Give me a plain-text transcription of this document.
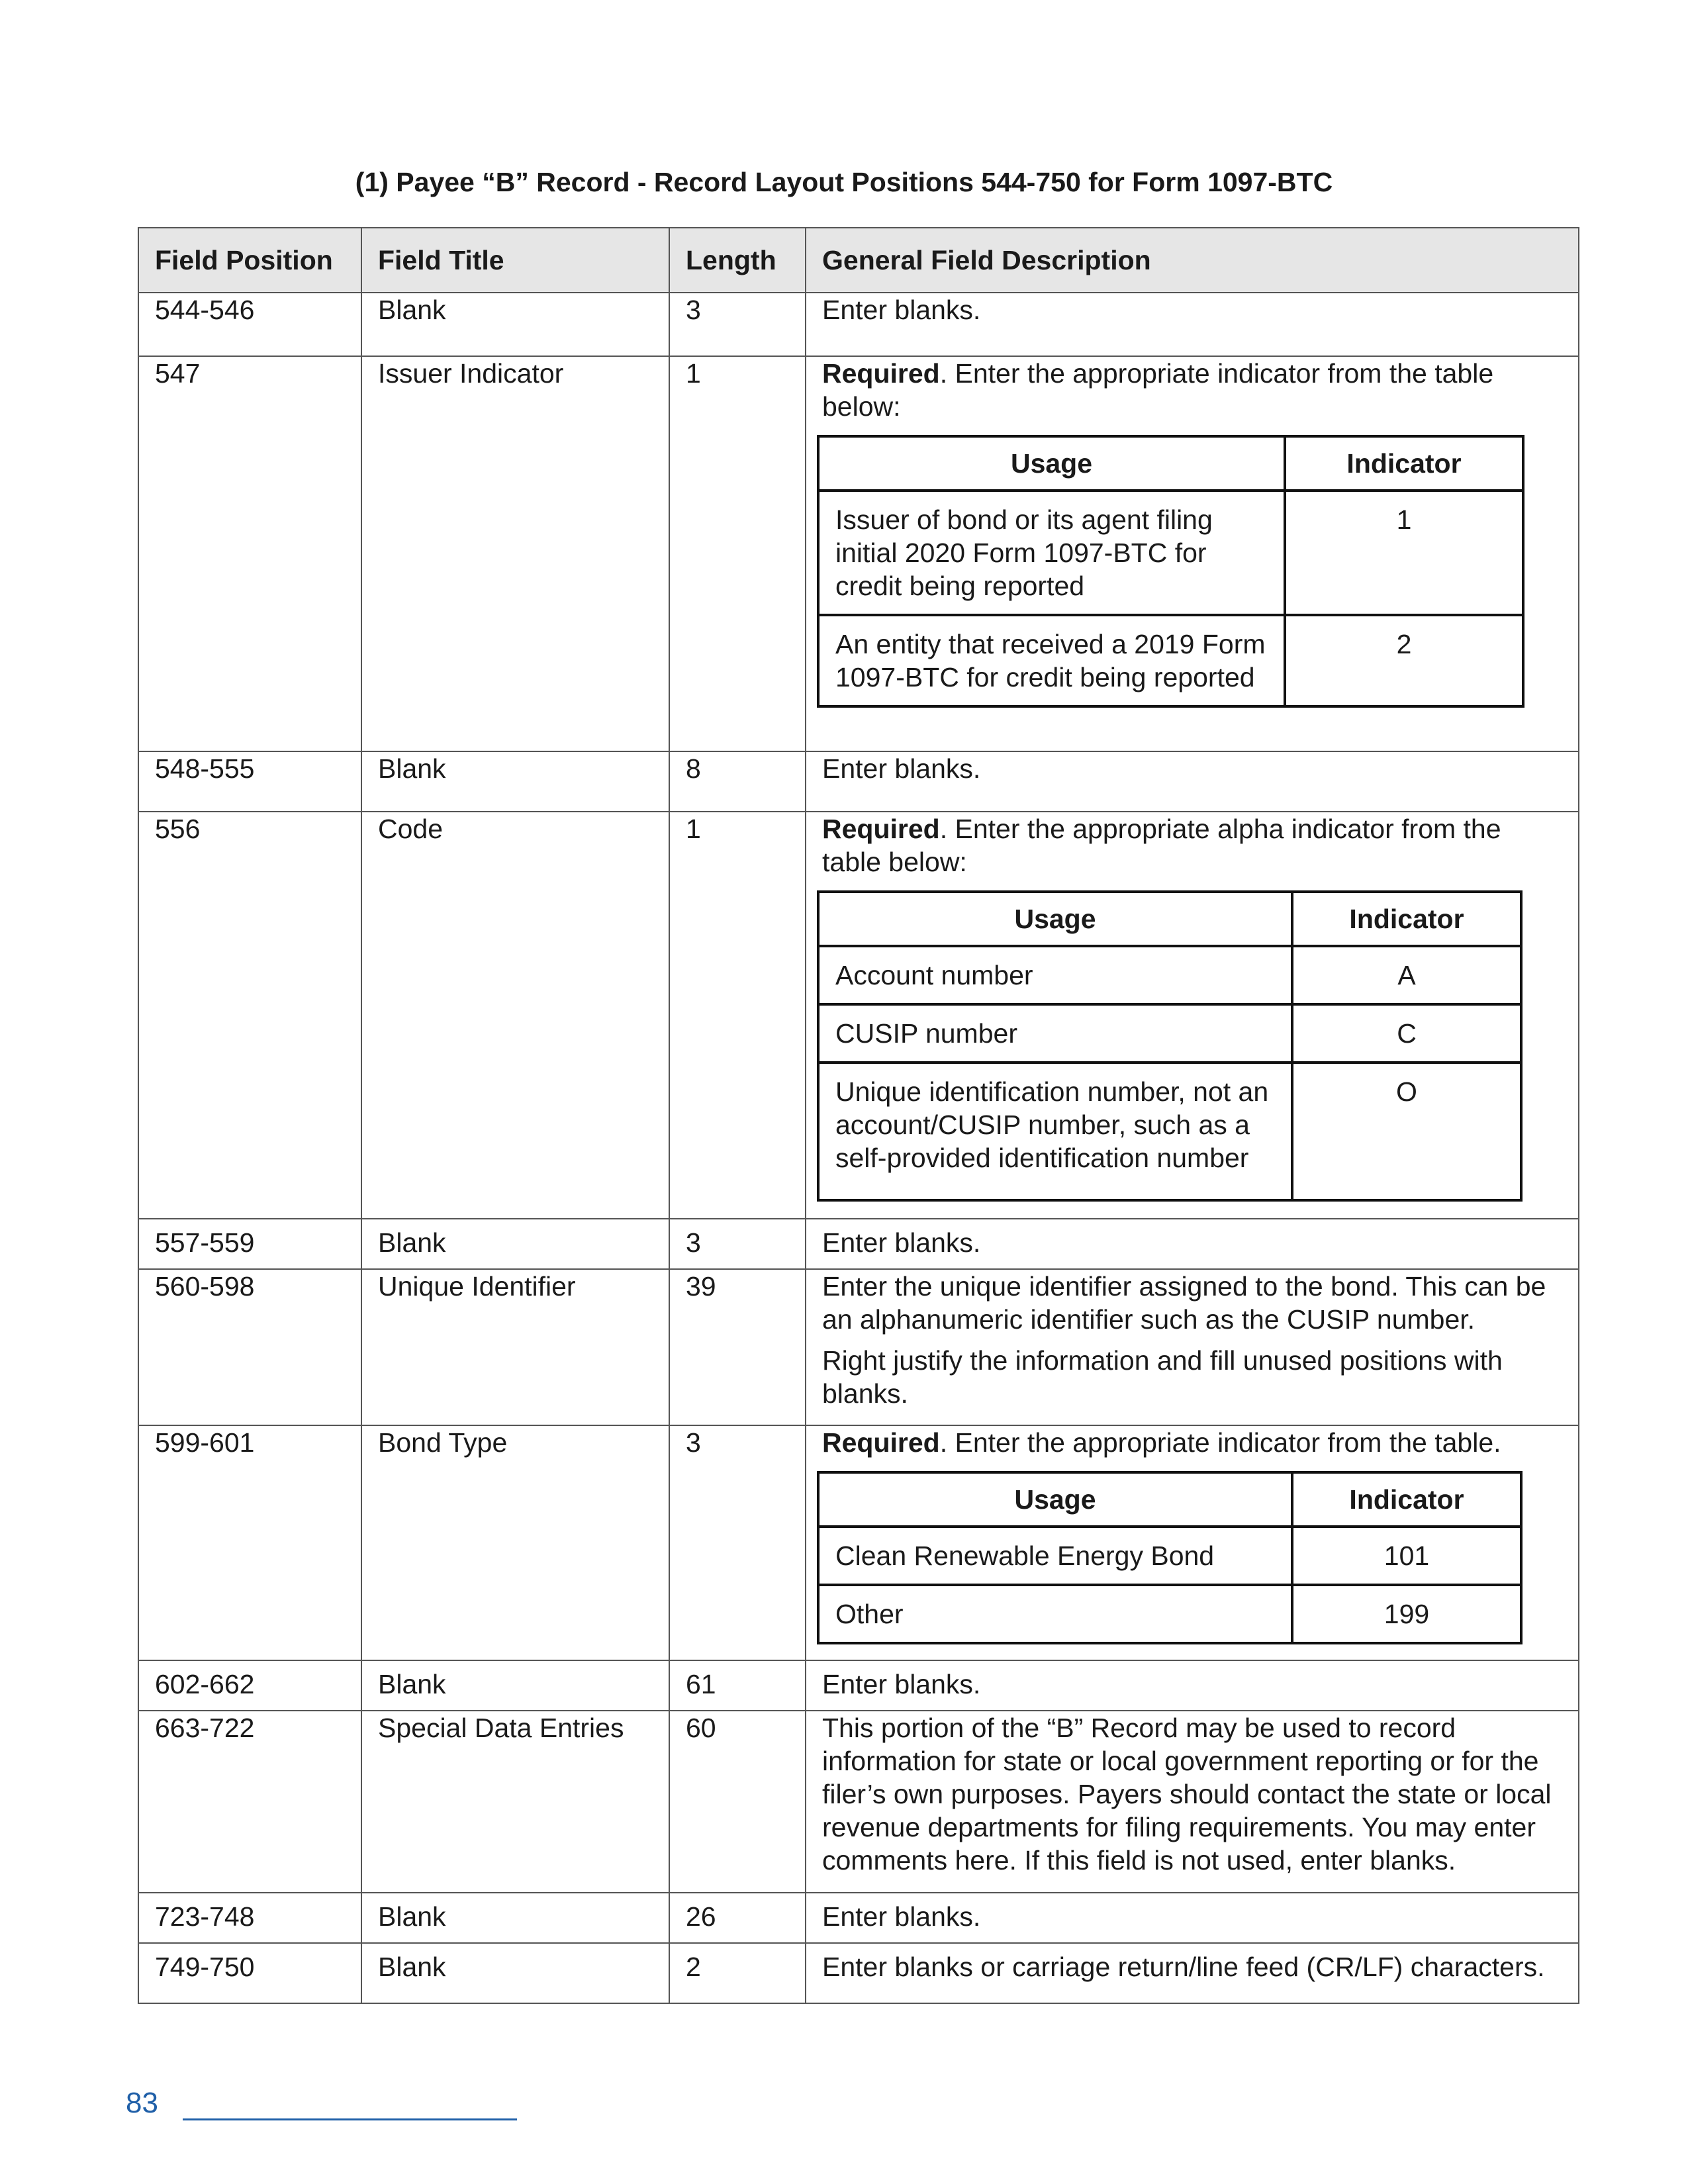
(1) Payee “B” Record - Record Layout Positions 544-750 for Form 1097-BTC
Field Position	Field Title	Length	General Field Description
544-546	Blank	3	Enter blanks.
547	Issuer Indicator	1	Required. Enter the appropriate indicator from the table below:
Usage	Indicator
Issuer of bond or its agent filing initial 2020 Form 1097-BTC for credit being reported	1
An entity that received a 2019 Form 1097-BTC for credit being reported	2

548-555	Blank	8	Enter blanks.
556	Code	1	Required. Enter the appropriate alpha indicator from the table below:
Usage	Indicator
Account number	A
CUSIP number	C
Unique identification number, not an account/CUSIP number, such as a self-provided identification number	O

557-559	Blank	3	Enter blanks.
560-598	Unique Identifier	39	Enter the unique identifier assigned to the bond. This can be an alphanumeric identifier such as the CUSIP number.
Right justify the information and fill unused positions with blanks.

599-601	Bond Type	3	Required. Enter the appropriate indicator from the table.
Usage	Indicator
Clean Renewable Energy Bond	101
Other	199

602-662	Blank	61	Enter blanks.
663-722	Special Data Entries	60	This portion of the “B” Record may be used to record information for state or local government reporting or for the filer’s own purposes. Payers should contact the state or local revenue departments for filing requirements. You may enter comments here. If this field is not used, enter blanks.
723-748	Blank	26	Enter blanks.
749-750	Blank	2	Enter blanks or carriage return/line feed (CR/LF) characters.
83
